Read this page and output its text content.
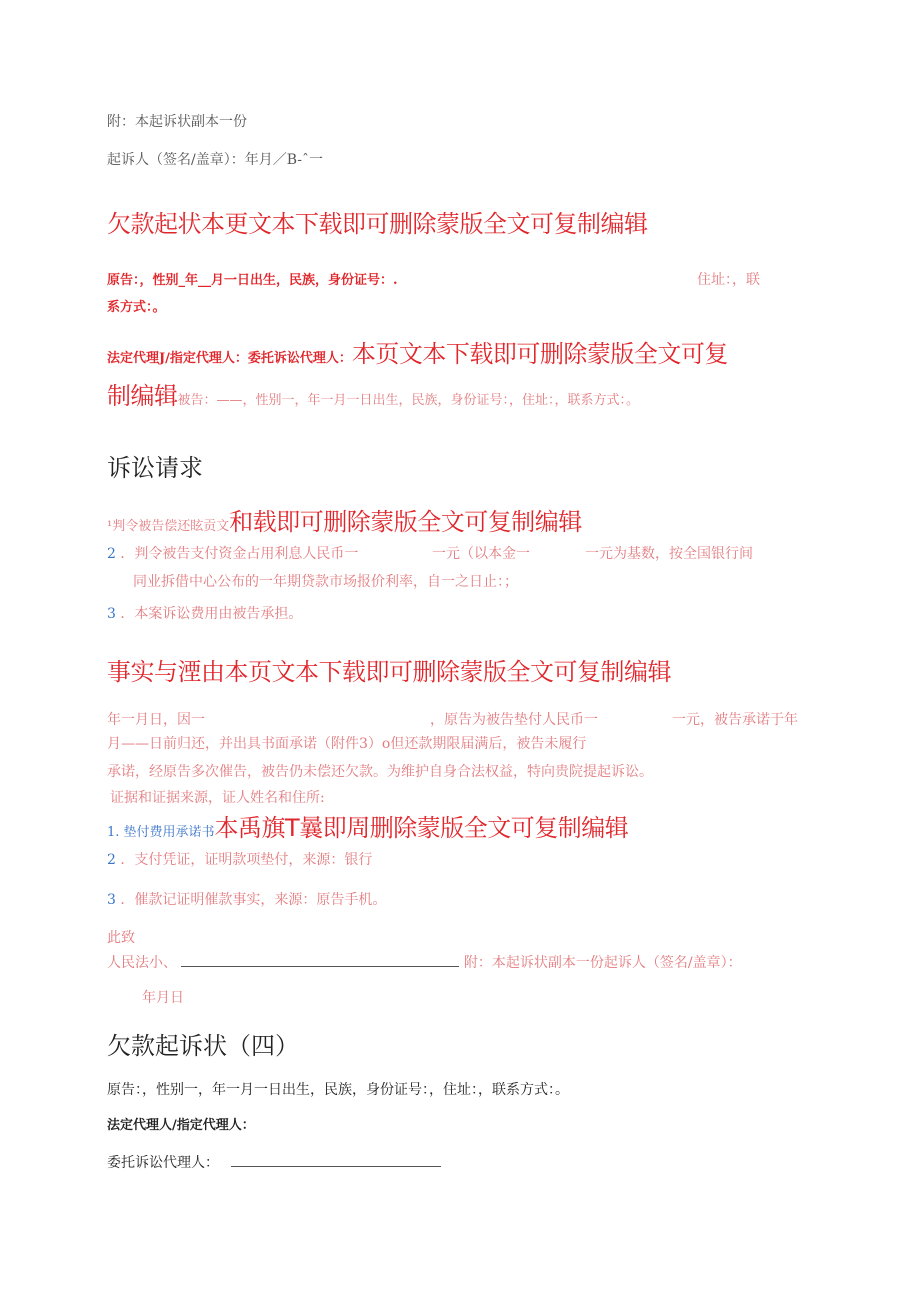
附：本起诉状副本一份
起诉人（签名/盖章）：年月／B-ˆ一
欠款起状本更文本下载即可删除蒙版全文可复制编辑
原告：，性别_年__月一日出生，民族，身份证号：.	住址：，联
系方式：。
法定代理J/指定代理人：委托诉讼代理人：本页文本下载即可删除蒙版全文可复
制编辑被告：——，性别一，年一月一日出生，民族，身份证号：，住址：，联系方式：。
诉讼请求
¹判令被告偿还眩贡文和载即可删除蒙版全文可复制编辑
2 ．判令被告支付资金占用利息人民币一	一元（以本金一	一元为基数，按全国银行间
同业拆借中心公布的一年期贷款市场报价利率，自一之日止：；
3 ．本案诉讼费用由被告承担。
事实与湮由本页文本下载即可删除蒙版全文可复制编辑
年一月日，因一	，原告为被告垫付人民币一	一元，被告承诺于年
月——日前归还，并出具书面承诺（附件3）o但还款期限届满后，被告未履行
承诺，经原告多次催告，被告仍未偿还欠款。为维护自身合法权益，特向贵院提起诉讼。
证据和证据来源，证人姓名和住所:
1. 垫付费用承诺书本禹旗T曩即周删除蒙版全文可复制编辑
2 ．支付凭证，证明款项垫付，来源：银行
3 ．催款记证明催款事实，来源：原告手机。
此致
人民法小、	附：本起诉状副本一份起诉人（签名/盖章）：
年月日
欠款起诉状（四）
原告：，性别一，年一月一日出生，民族，身份证号：，住址：，联系方式：。
法定代理人/指定代理人：
委托诉讼代理人：
